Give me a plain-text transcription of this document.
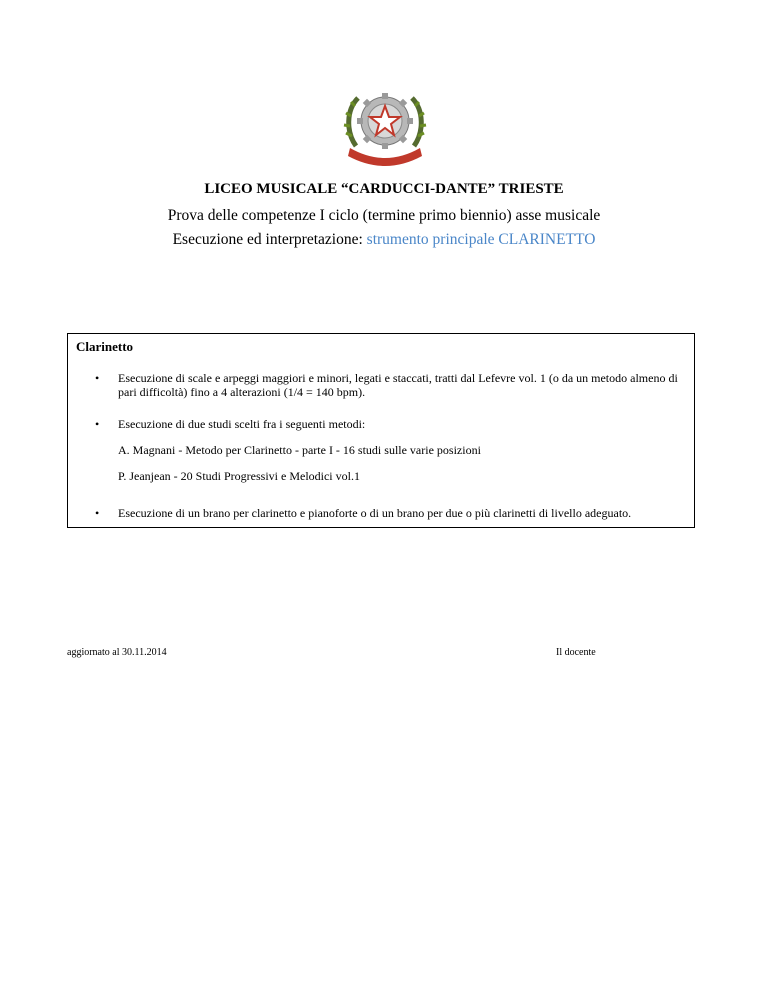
LICEO MUSICALE “CARDUCCI-DANTE” TRIESTE
Prova delle competenze I ciclo (termine primo biennio) asse musicale
Esecuzione ed interpretazione: strumento principale CLARINETTO
Clarinetto
• Esecuzione di scale e arpeggi maggiori e minori, legati e staccati, tratti dal Lefevre vol. 1 (o da un metodo almeno di pari difficoltà) fino a 4 alterazioni (1/4 = 140 bpm).
• Esecuzione di due studi scelti fra i seguenti metodi:
A. Magnani - Metodo per Clarinetto - parte I - 16 studi sulle varie posizioni
P. Jeanjean - 20 Studi Progressivi e Melodici vol.1
• Esecuzione di un brano per clarinetto e pianoforte o di un brano per due o più clarinetti di livello adeguato.
aggiornato al 30.11.2014	Il docente
